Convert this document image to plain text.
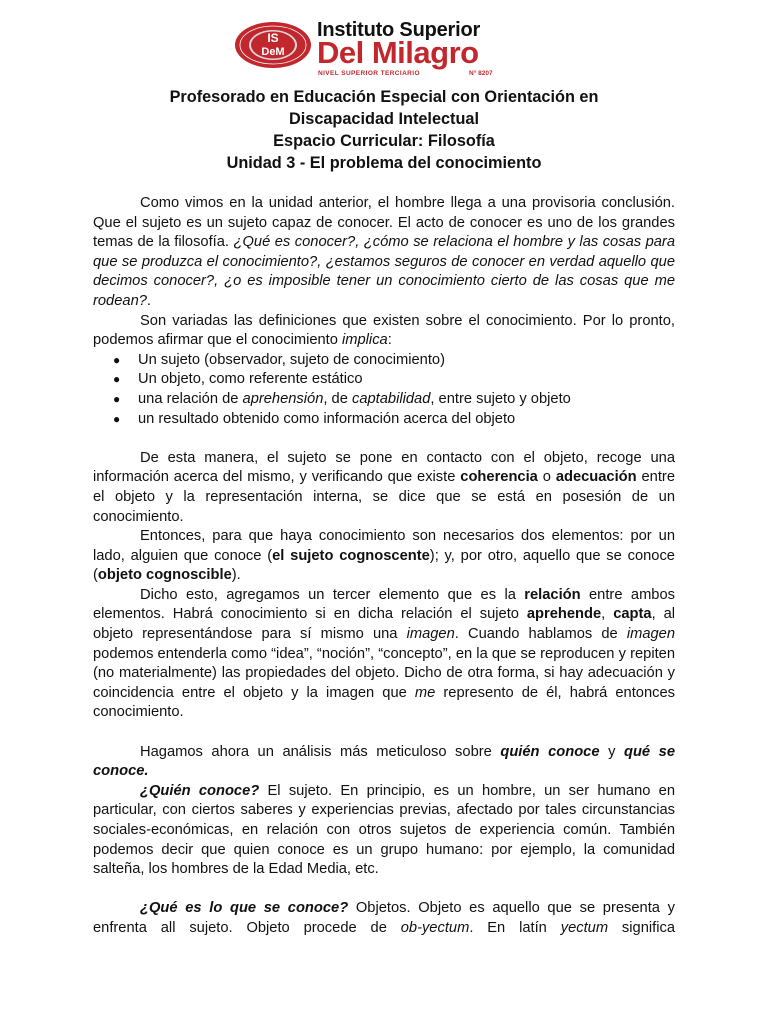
IS
DeM
Instituto Superior
Del Milagro
NIVEL SUPERIOR TERCIARIO	N° 8207
Profesorado en Educación Especial con Orientación en
Discapacidad Intelectual
Espacio Curricular: Filosofía
Unidad 3 - El problema del conocimiento

Como vimos en la unidad anterior, el hombre llega a una provisoria conclusión. Que el sujeto es un sujeto capaz de conocer. El acto de conocer es uno de los grandes temas de la filosofía. ¿Qué es conocer?, ¿cómo se relaciona el hombre y las cosas para que se produzca el conocimiento?, ¿estamos seguros de conocer en verdad aquello que decimos conocer?, ¿o es imposible tener un conocimiento cierto de las cosas que me rodean?.

Son variadas las definiciones que existen sobre el conocimiento. Por lo pronto, podemos afirmar que el conocimiento implica:

● Un sujeto (observador, sujeto de conocimiento)
● Un objeto, como referente estático
● una relación de aprehensión, de captabilidad, entre sujeto y objeto
● un resultado obtenido como información acerca del objeto

De esta manera, el sujeto se pone en contacto con el objeto, recoge una información acerca del mismo, y verificando que existe coherencia o adecuación entre el objeto y la representación interna, se dice que se está en posesión de un conocimiento.

Entonces, para que haya conocimiento son necesarios dos elementos: por un lado, alguien que conoce (el sujeto cognoscente); y, por otro, aquello que se conoce (objeto cognoscible).

Dicho esto, agregamos un tercer elemento que es la relación entre ambos elementos. Habrá conocimiento si en dicha relación el sujeto aprehende, capta, al objeto representándose para sí mismo una imagen. Cuando hablamos de imagen podemos entenderla como “idea”, “noción”, “concepto”, en la que se reproducen y repiten (no materialmente) las propiedades del objeto. Dicho de otra forma, si hay adecuación y coincidencia entre el objeto y la imagen que me represento de él, habrá entonces conocimiento.

Hagamos ahora un análisis más meticuloso sobre quién conoce y qué se conoce.

¿Quién conoce? El sujeto. En principio, es un hombre, un ser humano en particular, con ciertos saberes y experiencias previas, afectado por tales circunstancias sociales-económicas, en relación con otros sujetos de experiencia común. También podemos decir que quien conoce es un grupo humano: por ejemplo, la comunidad salteña, los hombres de la Edad Media, etc.

¿Qué es lo que se conoce? Objetos. Objeto es aquello que se presenta y enfrenta all sujeto. Objeto procede de ob-yectum. En latín yectum significa
